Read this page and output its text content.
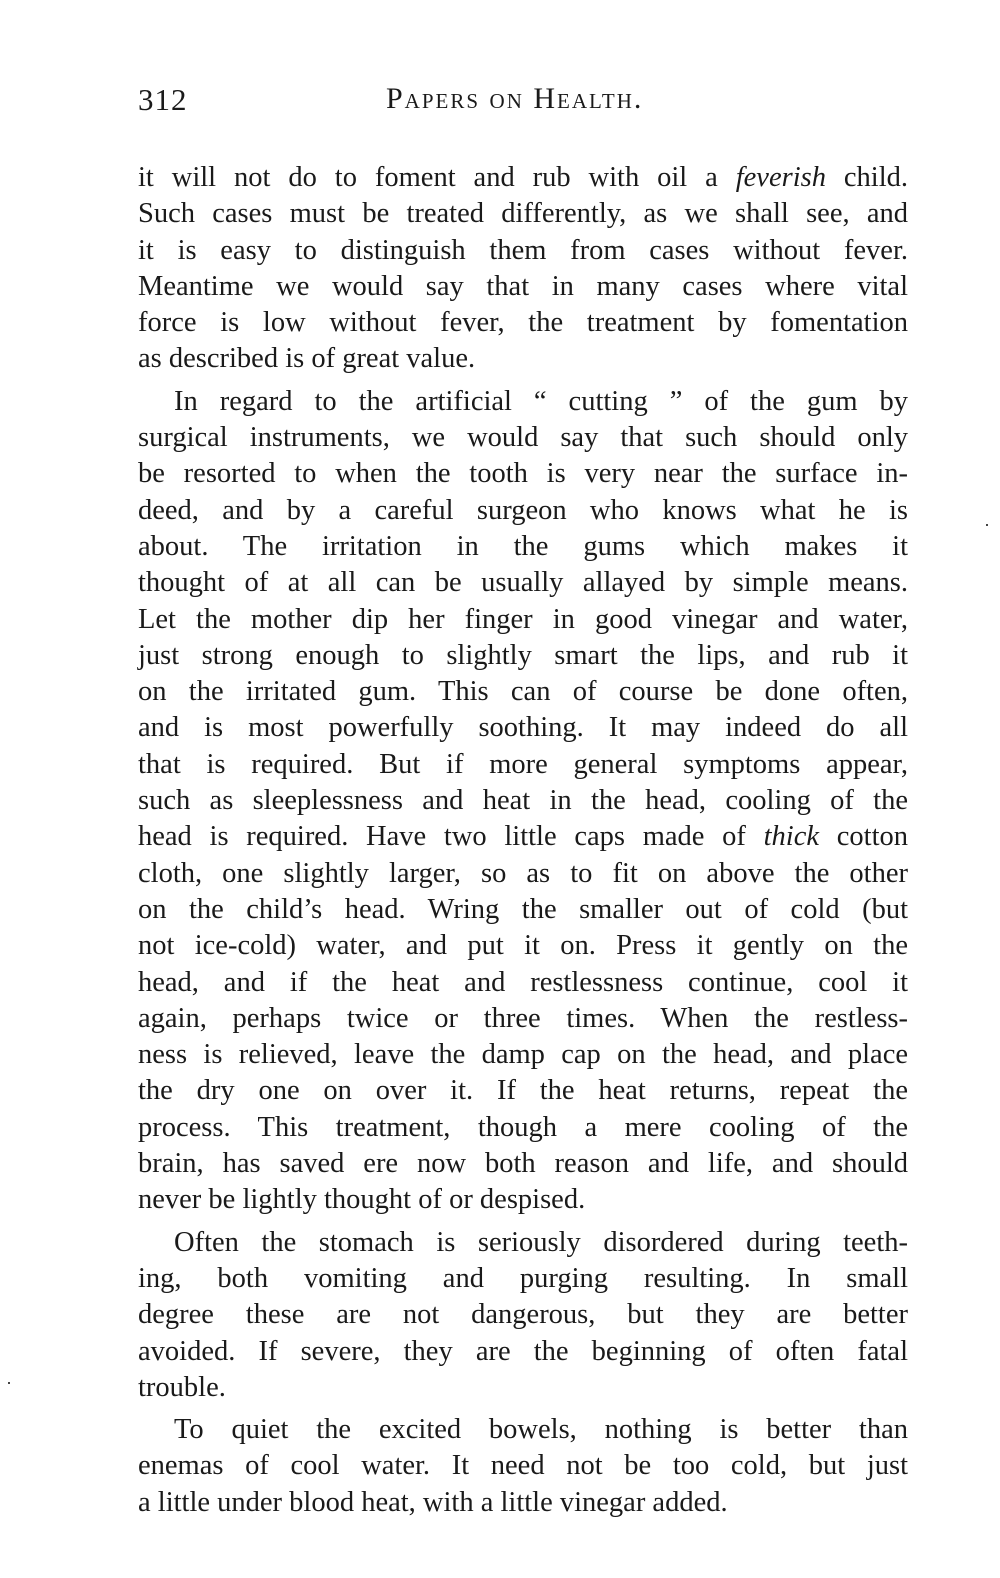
312	Papers on Health.
it will not do to foment and rub with oil a feverish child.
Such cases must be treated differently, as we shall see, and
it is easy to distinguish them from cases without fever.
Meantime we would say that in many cases where vital
force is low without fever, the treatment by fomentation
as described is of great value.
In regard to the artificial “ cutting ” of the gum by
surgical instruments, we would say that such should only
be resorted to when the tooth is very near the surface in-
deed, and by a careful surgeon who knows what he is
about. The irritation in the gums which makes it
thought of at all can be usually allayed by simple means.
Let the mother dip her finger in good vinegar and water,
just strong enough to slightly smart the lips, and rub it
on the irritated gum. This can of course be done often,
and is most powerfully soothing. It may indeed do all
that is required. But if more general symptoms appear,
such as sleeplessness and heat in the head, cooling of the
head is required. Have two little caps made of thick cotton
cloth, one slightly larger, so as to fit on above the other
on the child’s head. Wring the smaller out of cold (but
not ice-cold) water, and put it on. Press it gently on the
head, and if the heat and restlessness continue, cool it
again, perhaps twice or three times. When the restless-
ness is relieved, leave the damp cap on the head, and place
the dry one on over it. If the heat returns, repeat the
process. This treatment, though a mere cooling of the
brain, has saved ere now both reason and life, and should
never be lightly thought of or despised.
Often the stomach is seriously disordered during teeth-
ing, both vomiting and purging resulting. In small
degree these are not dangerous, but they are better
avoided. If severe, they are the beginning of often fatal
trouble.
To quiet the excited bowels, nothing is better than
enemas of cool water. It need not be too cold, but just
a little under blood heat, with a little vinegar added.
